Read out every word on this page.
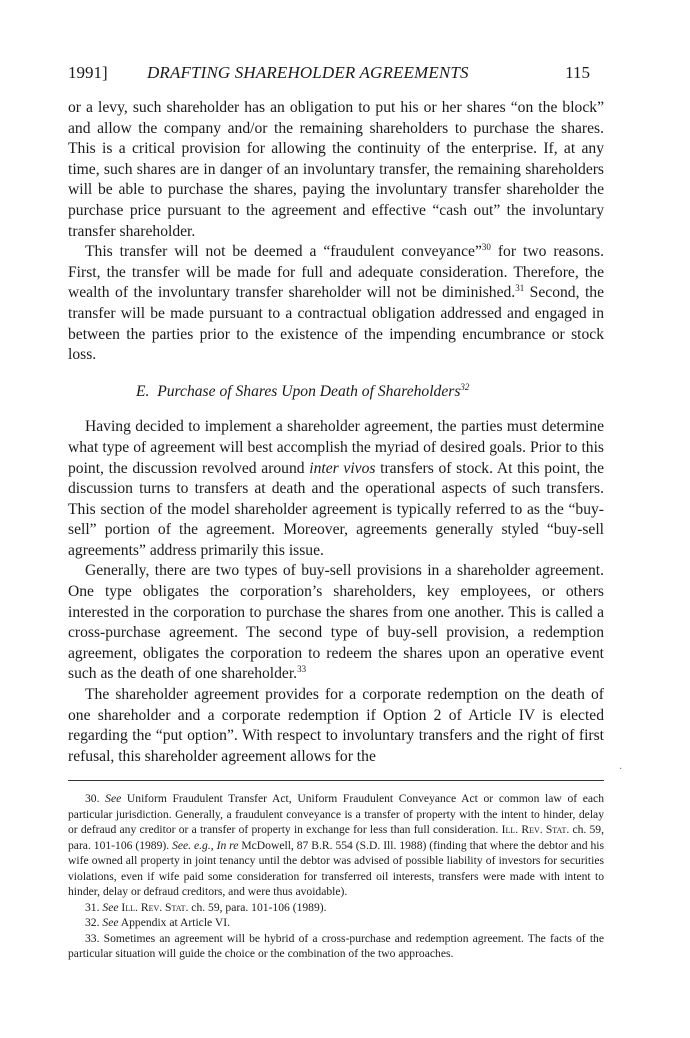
1991] DRAFTING SHAREHOLDER AGREEMENTS	115

or a levy, such shareholder has an obligation to put his or her shares “on the block” and allow the company and/or the remaining shareholders to purchase the shares. This is a critical provision for allowing the continuity of the enterprise. If, at any time, such shares are in danger of an involuntary transfer, the remaining shareholders will be able to purchase the shares, paying the involuntary transfer shareholder the purchase price pursuant to the agreement and effective “cash out” the involuntary transfer shareholder.

This transfer will not be deemed a “fraudulent conveyance”$^{30}$ for two reasons. First, the transfer will be made for full and adequate consideration. Therefore, the wealth of the involuntary transfer shareholder will not be diminished.$^{31}$ Second, the transfer will be made pursuant to a contractual obligation addressed and engaged in between the parties prior to the existence of the impending encumbrance or stock loss.

E. Purchase of Shares Upon Death of Shareholders$^{32}$

Having decided to implement a shareholder agreement, the parties must determine what type of agreement will best accomplish the myriad of desired goals. Prior to this point, the discussion revolved around inter vivos transfers of stock. At this point, the discussion turns to transfers at death and the operational aspects of such transfers. This section of the model shareholder agreement is typically referred to as the “buy-sell” portion of the agreement. Moreover, agreements generally styled “buy-sell agreements” address primarily this issue.

Generally, there are two types of buy-sell provisions in a shareholder agreement. One type obligates the corporation’s shareholders, key employees, or others interested in the corporation to purchase the shares from one another. This is called a cross-purchase agreement. The second type of buy-sell provision, a redemption agreement, obligates the corporation to redeem the shares upon an operative event such as the death of one shareholder.$^{33}$

The shareholder agreement provides for a corporate redemption on the death of one shareholder and a corporate redemption if Option 2 of Article IV is elected regarding the “put option”. With respect to involuntary transfers and the right of first refusal, this shareholder agreement allows for the

·

30. See Uniform Fraudulent Transfer Act, Uniform Fraudulent Conveyance Act or common law of each particular jurisdiction. Generally, a fraudulent conveyance is a transfer of property with the intent to hinder, delay or defraud any creditor or a transfer of property in exchange for less than full consideration. Ill. Rev. Stat. ch. 59, para. 101-106 (1989). See. e.g., In re McDowell, 87 B.R. 554 (S.D. Ill. 1988) (finding that where the debtor and his wife owned all property in joint tenancy until the debtor was advised of possible liability of investors for securities violations, even if wife paid some consideration for transferred oil interests, transfers were made with intent to hinder, delay or defraud creditors, and were thus avoidable).

31. See Ill. Rev. Stat. ch. 59, para. 101-106 (1989).

32. See Appendix at Article VI.

33. Sometimes an agreement will be hybrid of a cross-purchase and redemption agreement. The facts of the particular situation will guide the choice or the combination of the two approaches.
